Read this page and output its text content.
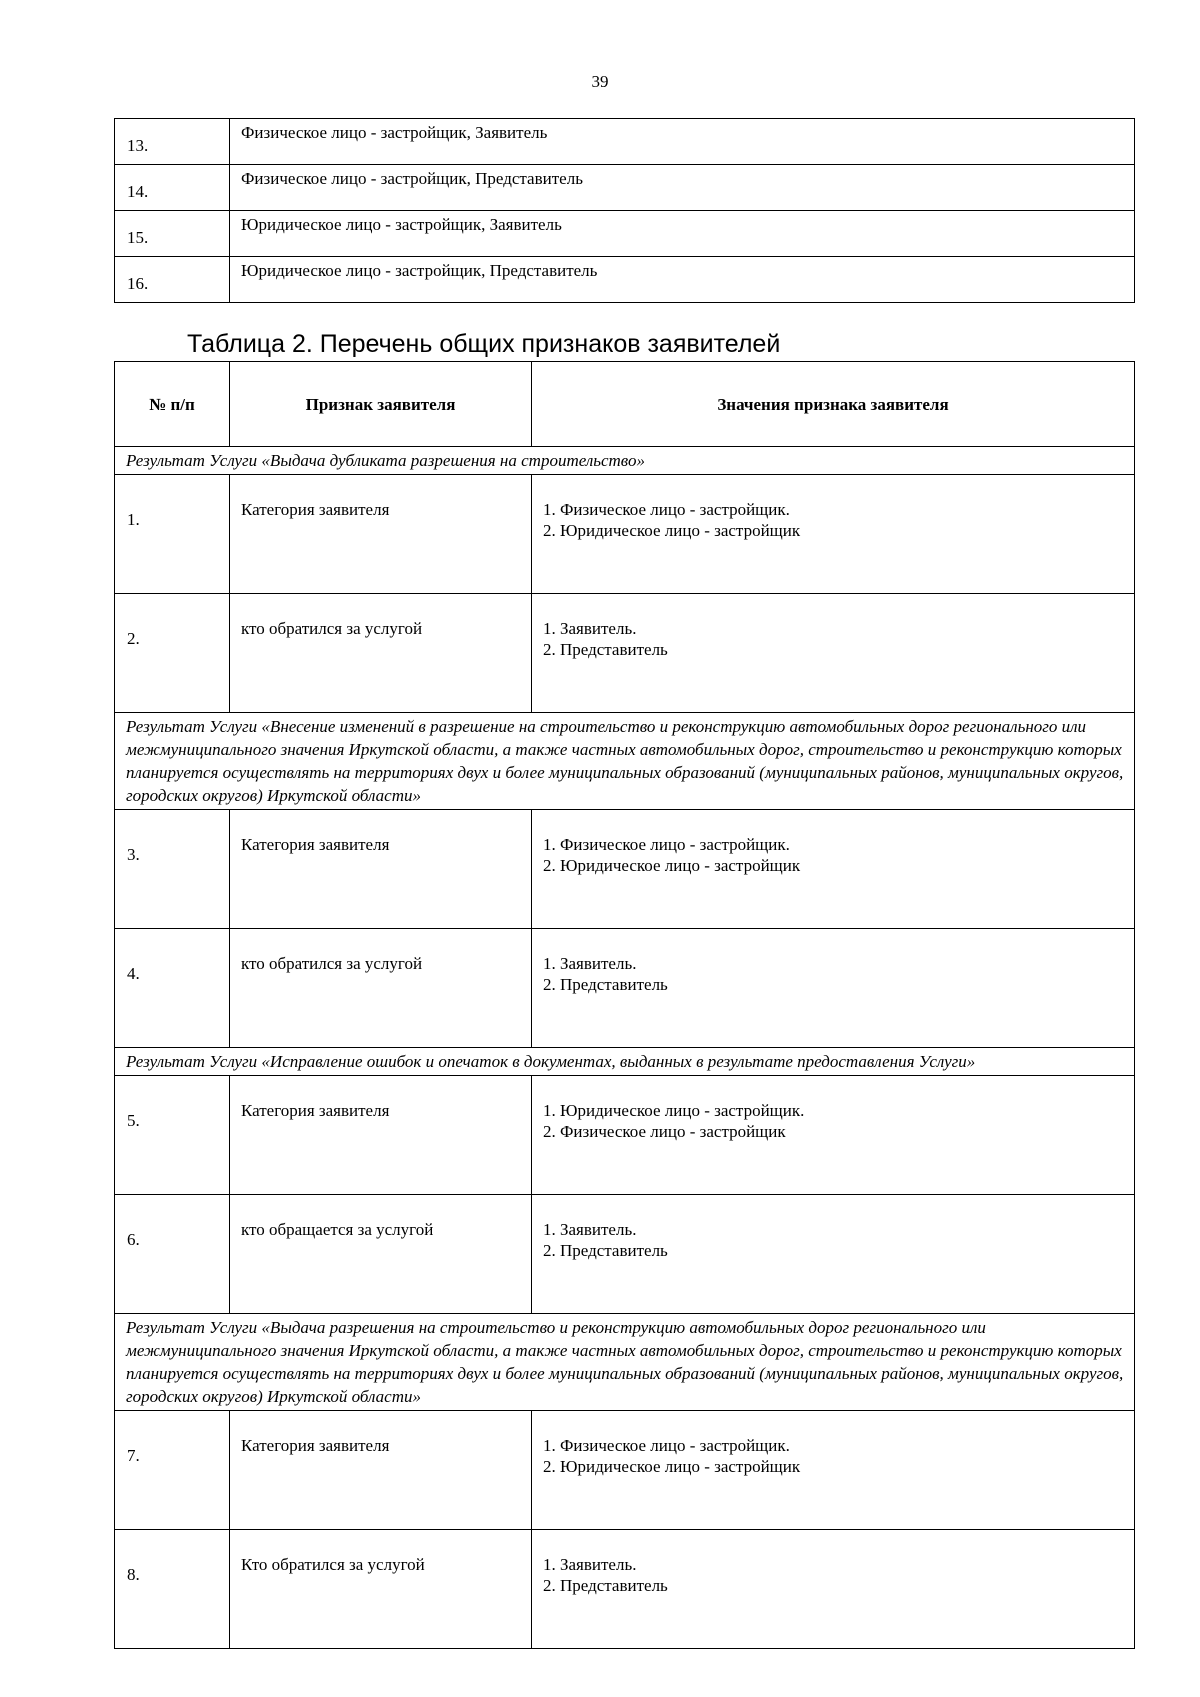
39
13.	Физическое лицо - застройщик, Заявитель
14.	Физическое лицо - застройщик, Представитель
15.	Юридическое лицо - застройщик, Заявитель
16.	Юридическое лицо - застройщик, Представитель
Таблица 2. Перечень общих признаков заявителей
№ п/п	Признак заявителя	Значения признака заявителя
Результат Услуги «Выдача дубликата разрешения на строительство»		
1.	Категория заявителя	1. Физическое лицо - застройщик.
2. Юридическое лицо - застройщик

2.	кто обратился за услугой	1. Заявитель.
2. Представитель

Результат Услуги «Внесение изменений в разрешение на строительство и реконструкцию автомобильных дорог регионального или межмуниципального значения Иркутской области, а также частных автомобильных дорог, строительство и реконструкцию которых планируется осуществлять на территориях двух и более муниципальных образований (муниципальных районов, муниципальных округов, городских округов) Иркутской области»		
3.	Категория заявителя	1. Физическое лицо - застройщик.
2. Юридическое лицо - застройщик

4.	кто обратился за услугой	1. Заявитель.
2. Представитель

Результат Услуги «Исправление ошибок и опечаток в документах, выданных в результате предоставления Услуги»		
5.	Категория заявителя	1. Юридическое лицо - застройщик.
2. Физическое лицо - застройщик

6.	кто обращается за услугой	1. Заявитель.
2. Представитель

Результат Услуги «Выдача разрешения на строительство и реконструкцию автомобильных дорог регионального или межмуниципального значения Иркутской области, а также частных автомобильных дорог, строительство и реконструкцию которых планируется осуществлять на территориях двух и более муниципальных образований (муниципальных районов, муниципальных округов, городских округов) Иркутской области»		
7.	Категория заявителя	1. Физическое лицо - застройщик.
2. Юридическое лицо - застройщик

8.	Кто обратился за услугой	1. Заявитель.
2. Представитель
